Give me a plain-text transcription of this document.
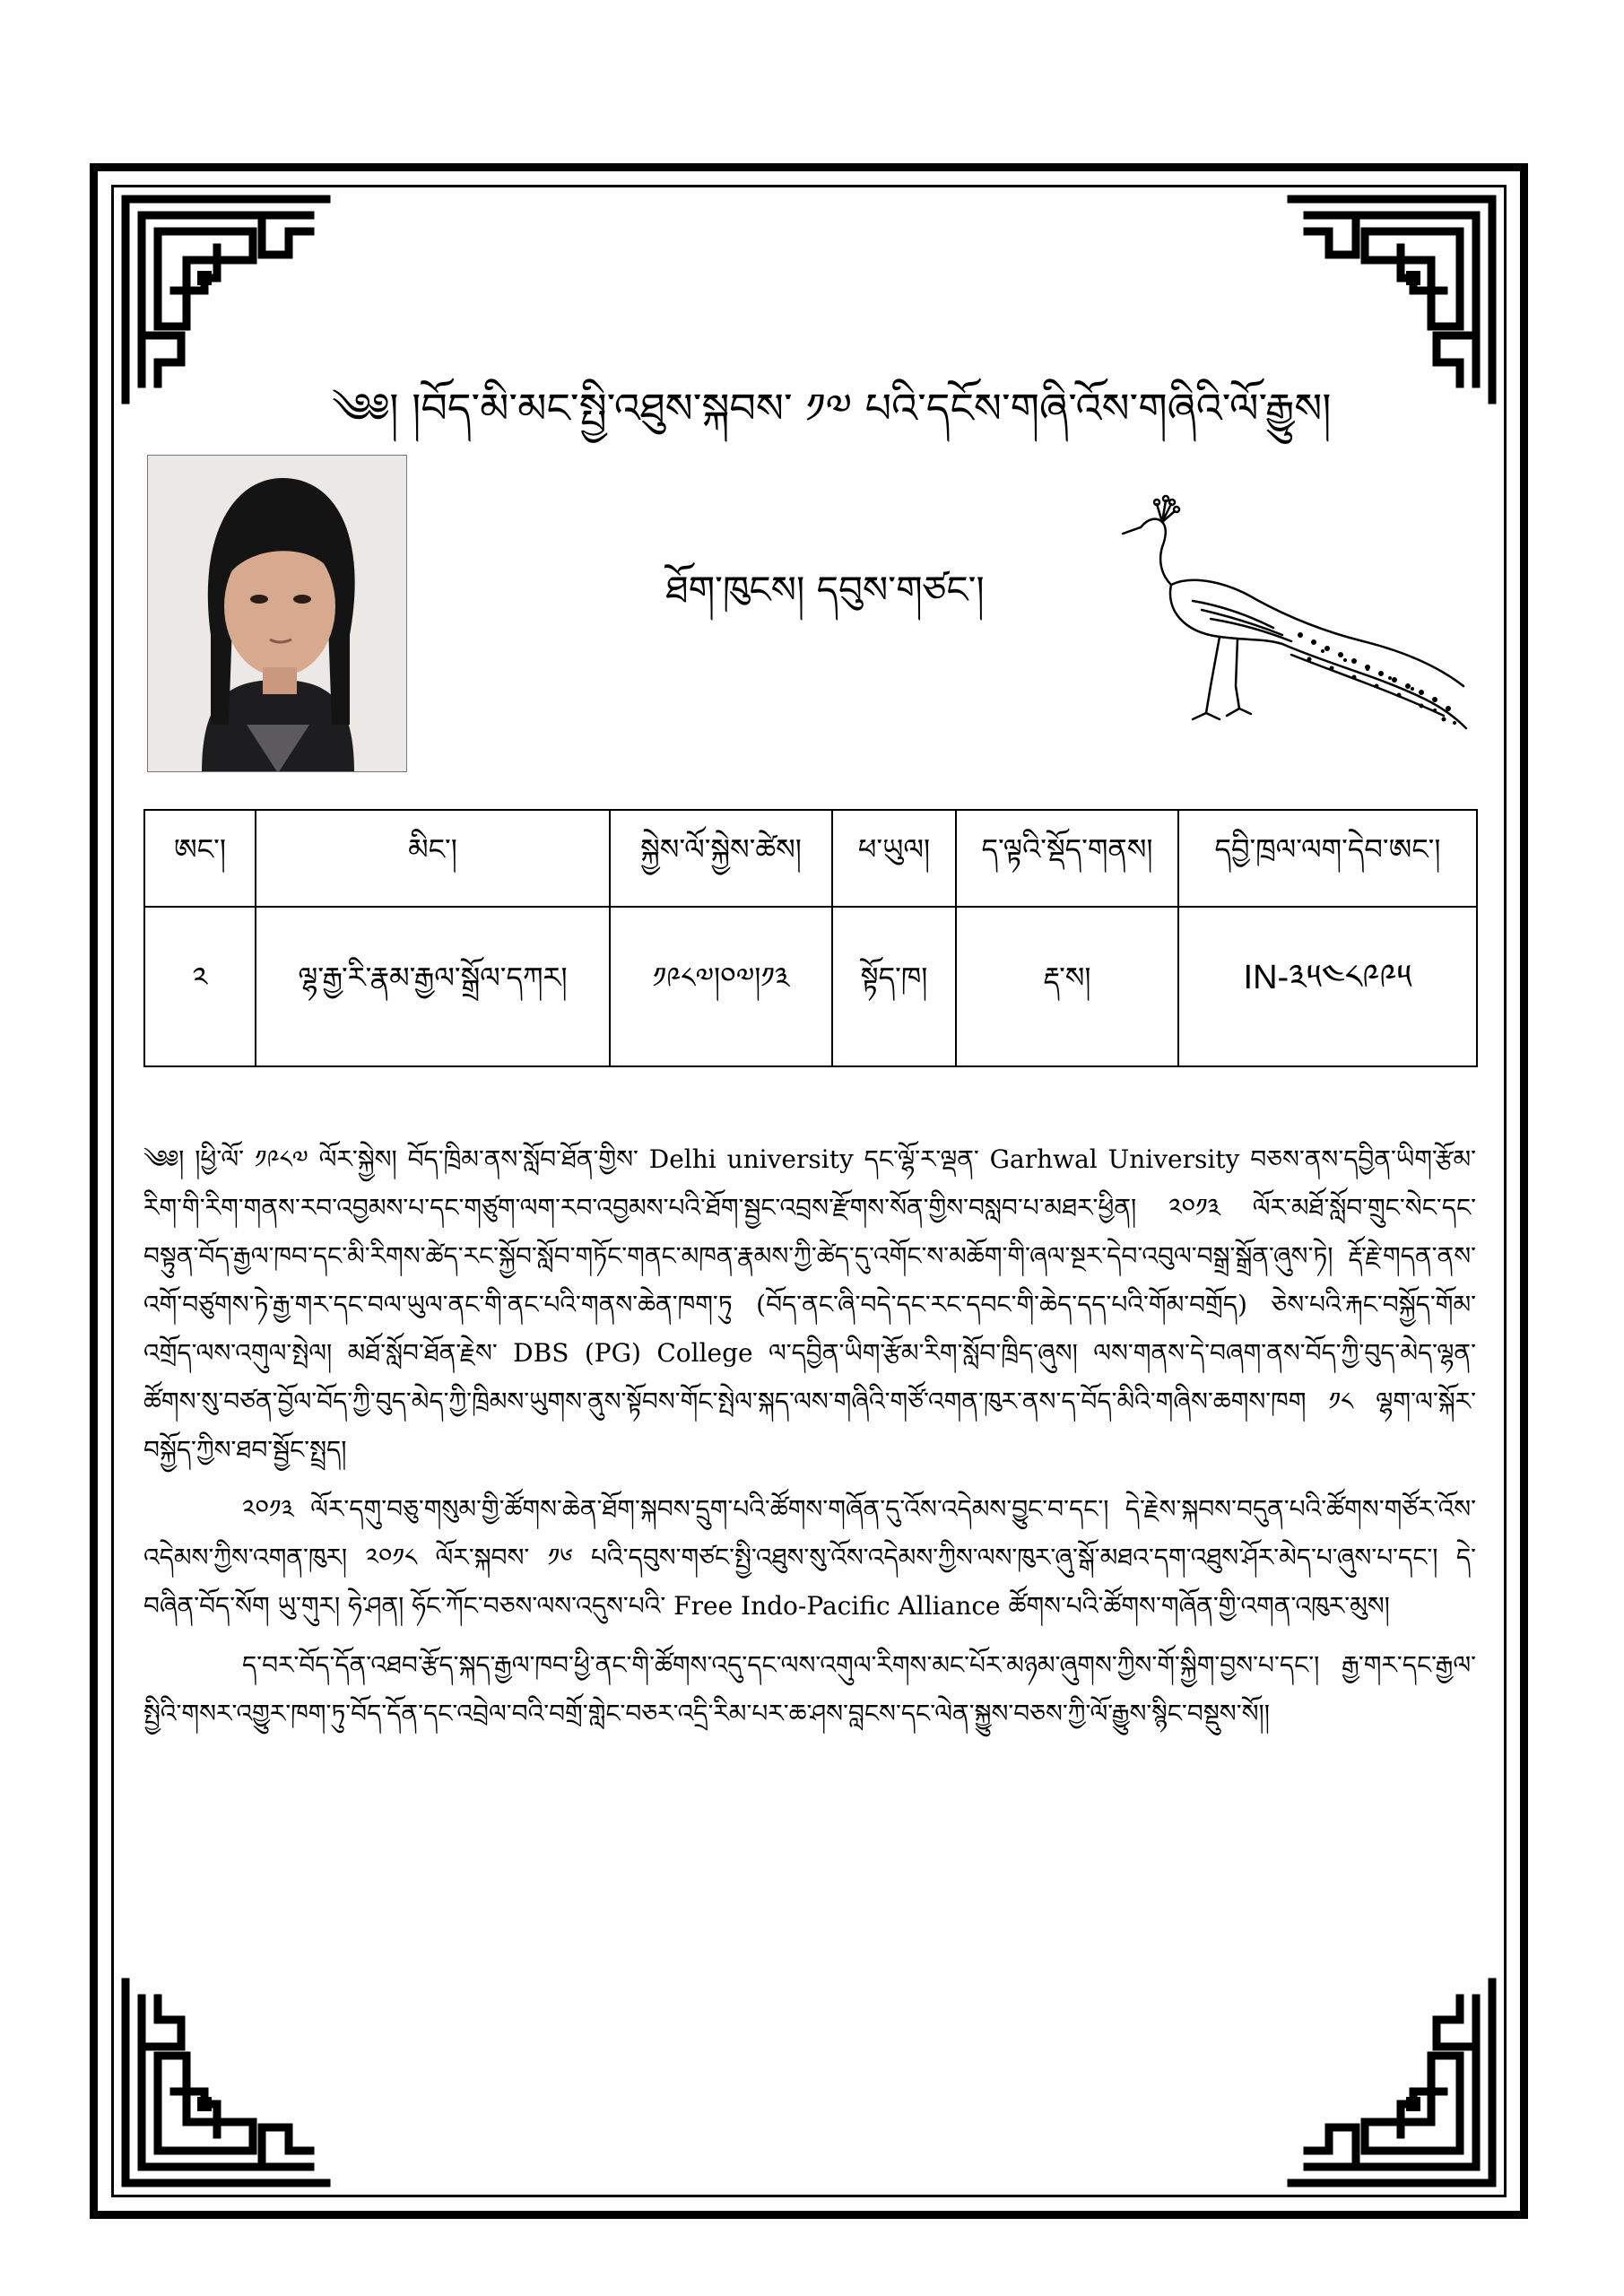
༄༅། །བོད་མི་མང་སྤྱི་འཐུས་སྐབས་ ༡༧ པའི་དངོས་གཞི་འོས་གཞིའི་ལོ་རྒྱུས།
ཐོག་ཁུངས། དབུས་གཙང་།
ཨང་།	མིང་།	སྐྱེས་ལོ་སྐྱེས་ཚེས།	ཕ་ཡུལ།	ད་ལྟའི་སྡོད་གནས།	དབྱི་ཁྲལ་ལག་དེབ་ཨང་།
༢	ལྷ་རྒྱ་རི་རྣམ་རྒྱལ་སྒྲོལ་དཀར།	༡༩༨༧།༠༧།༡༣	སྟོད་ཁ།	རྡ་ས།	IN-༣༥༤༨༩༩༥

༄༅། །ཕྱི་ལོ་ ༡༩༨༧ ལོར་སྐྱེས། བོད་ཁྲིམ་ནས་སློབ་ཐོན་གྱིས་ Delhi university དང་ལྷོ་ར་ལྡན་ Garhwal University བཅས་ནས་དབྱིན་ཡིག་རྩོམ་རིག་གི་རིག་གནས་རབ་འབྱམས་པ་དང་གཙུག་ལག་རབ་འབྱམས་པའི་ཐོག་སྦྱང་འབྲས་རྫོགས་སོན་གྱིས་བསླབ་པ་མཐར་ཕྱིན། ༢༠༡༣ ལོར་མཐོ་སློབ་གྲུང་སེང་དང་བསྟུན་བོད་རྒྱལ་ཁབ་དང་མི་རིགས་ཚེད་རང་སྐྱོབ་སློབ་གཏོང་གནང་མཁན་རྣམས་ཀྱི་ཚེད་དུ་འགོང་ས་མཆོག་གི་ཞལ་སྔར་དེབ་འབུལ་བསྒྲ་སྒྲོན་ཞུས་ཏེ། རྡོ་རྗེ་གདན་ནས་འགོ་བཙུགས་ཏེ་རྒྱ་གར་དང་བལ་ཡུལ་ནང་གི་ནང་པའི་གནས་ཆེན་ཁག་ཏུ (བོད་ནང་ཞི་བདེ་དང་རང་དབང་གི་ཆེད་དད་པའི་གོམ་བགྲོད) ཅེས་པའི་རྐང་བསྐྱོད་གོམ་འགྲོད་ལས་འགུལ་སྤེལ། མཐོ་སློབ་ཐོན་རྗེས་ DBS (PG) College ལ་དབྱིན་ཡིག་རྩོམ་རིག་སློབ་ཁྲིད་ཞུས། ལས་གནས་དེ་བཞག་ནས་བོད་ཀྱི་བུད་མེད་ལྷན་ཚོགས་སུ་བཙན་བྱོལ་བོད་ཀྱི་བུད་མེད་ཀྱི་ཁྲིམས་ཡུགས་ནུས་སྟོབས་གོང་སྤེལ་སྐད་ལས་གཞིའི་གཙོ་འགན་ཁུར་ནས་ད་བོད་མིའི་གཞིས་ཆགས་ཁག ༡༨ ལྷག་ལ་སྐོར་བསྐྱོད་ཀྱིས་ཐབ་སྦྱོང་སྤྲད།

༢༠༡༣ ལོར་དགུ་བཅུ་གསུམ་གྱི་ཚོགས་ཆེན་ཐོག་སྐབས་དྲུག་པའི་ཚོགས་གཞོན་དུ་འོས་འདེམས་བྱུང་བ་དང་། དེ་རྗེས་སྐབས་བདུན་པའི་ཚོགས་གཙོར་འོས་འདེམས་ཀྱིས་འགན་ཁུར། ༢༠༡༨ ལོར་སྐབས་ ༡༦ པའི་དབུས་གཙང་སྤྱི་འཐུས་སུ་འོས་འདེམས་ཀྱིས་ལས་ཁུར་ཞུ་སྒོ་མཐའ་དག་འཐུས་ཤོར་མེད་པ་ཞུས་པ་དང་། དེ་བཞིན་བོད་སོག ཡུ་གུར། ཧེ་ཤན། ཧོང་ཀོང་བཅས་ལས་འདུས་པའི་ Free Indo-Pacific Alliance ཚོགས་པའི་ཚོགས་གཞོན་གྱི་འགན་འཁུར་མུས།

ད་བར་བོད་དོན་འཐབ་རྩོད་སྐད་རྒྱལ་ཁབ་ཕྱི་ནང་གི་ཚོགས་འདུ་དང་ལས་འགུལ་རིགས་མང་པོར་མཉམ་ཞུགས་ཀྱིས་གོ་སྐྱིག་བྱས་པ་དང་། རྒྱ་གར་དང་རྒྱལ་སྤྱིའི་གསར་འགྱུར་ཁག་ཏུ་བོད་དོན་དང་འབྲེལ་བའི་བགྲོ་གླེང་བཅར་འདྲི་རིམ་པར་ཆ་ཤས་བླངས་དང་ལེན་སྐྱུས་བཅས་ཀྱི་ལོ་རྒྱུས་སྙིང་བསྡུས་སོ།།
